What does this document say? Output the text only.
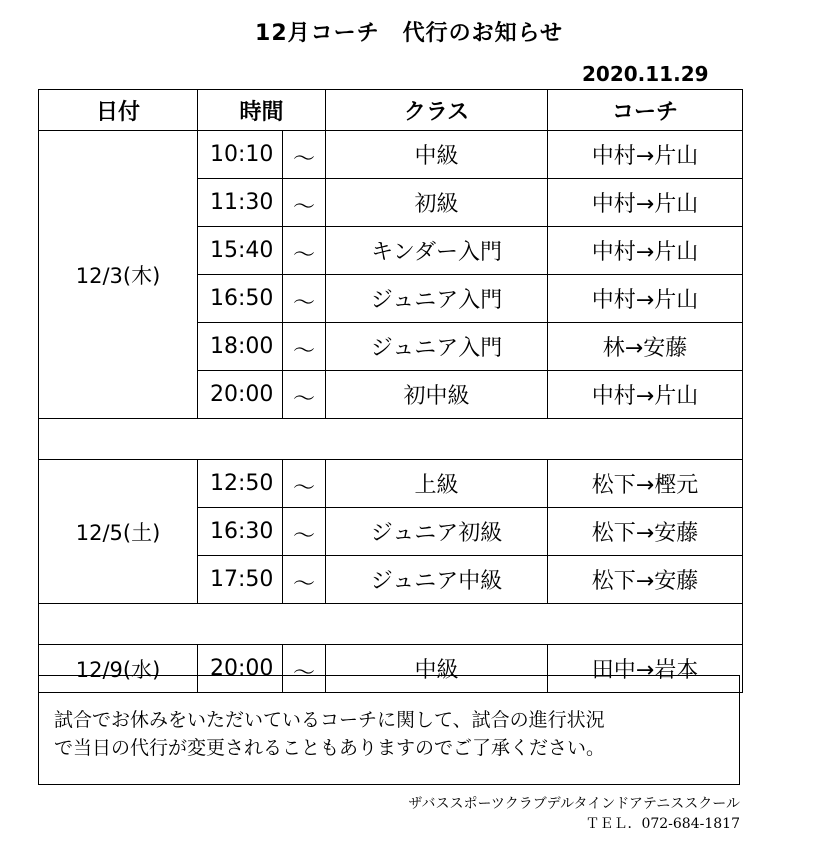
12月コーチ　代行のお知らせ
2020.11.29
日付	時間		クラス	コーチ
12/3(木)	10:10	～	中級	中村→片山
	11:30	～	初級	中村→片山
	15:40	～	キンダー入門	中村→片山
	16:50	～	ジュニア入門	中村→片山
	18:00	～	ジュニア入門	林→安藤
	20:00	～	初中級	中村→片山

12/5(土)	12:50	～	上級	松下→樫元
	16:30	～	ジュニア初級	松下→安藤
	17:50	～	ジュニア中級	松下→安藤

12/9(水)	20:00	～	中級	田中→岩本

試合でお休みをいただいているコーチに関して、試合の進行状況
で当日の代行が変更されることもありますのでご了承ください。

ザバススポーツクラブデルタインドアテニススクール
ＴＥＬ．072-684-1817
